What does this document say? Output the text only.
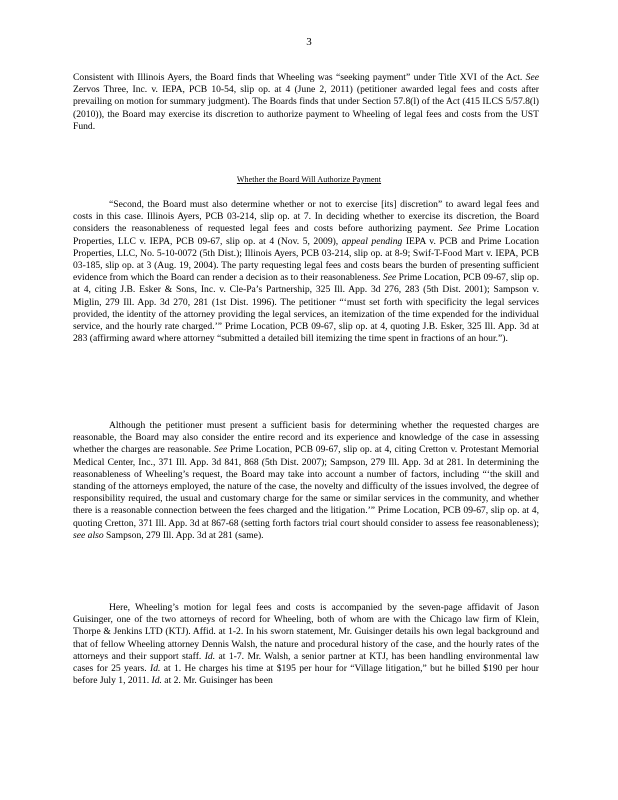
3
Consistent with Illinois Ayers, the Board finds that Wheeling was “seeking payment” under Title XVI of the Act. See Zervos Three, Inc. v. IEPA, PCB 10-54, slip op. at 4 (June 2, 2011) (petitioner awarded legal fees and costs after prevailing on motion for summary judgment). The Boards finds that under Section 57.8(l) of the Act (415 ILCS 5/57.8(l) (2010)), the Board may exercise its discretion to authorize payment to Wheeling of legal fees and costs from the UST Fund.
Whether the Board Will Authorize Payment
“Second, the Board must also determine whether or not to exercise [its] discretion” to award legal fees and costs in this case. Illinois Ayers, PCB 03-214, slip op. at 7. In deciding whether to exercise its discretion, the Board considers the reasonableness of requested legal fees and costs before authorizing payment. See Prime Location Properties, LLC v. IEPA, PCB 09-67, slip op. at 4 (Nov. 5, 2009), appeal pending IEPA v. PCB and Prime Location Properties, LLC, No. 5-10-0072 (5th Dist.); Illinois Ayers, PCB 03-214, slip op. at 8-9; Swif-T-Food Mart v. IEPA, PCB 03-185, slip op. at 3 (Aug. 19, 2004). The party requesting legal fees and costs bears the burden of presenting sufficient evidence from which the Board can render a decision as to their reasonableness. See Prime Location, PCB 09-67, slip op. at 4, citing J.B. Esker & Sons, Inc. v. Cle-Pa’s Partnership, 325 Ill. App. 3d 276, 283 (5th Dist. 2001); Sampson v. Miglin, 279 Ill. App. 3d 270, 281 (1st Dist. 1996). The petitioner “‘must set forth with specificity the legal services provided, the identity of the attorney providing the legal services, an itemization of the time expended for the individual service, and the hourly rate charged.’” Prime Location, PCB 09-67, slip op. at 4, quoting J.B. Esker, 325 Ill. App. 3d at 283 (affirming award where attorney “submitted a detailed bill itemizing the time spent in fractions of an hour.”).
Although the petitioner must present a sufficient basis for determining whether the requested charges are reasonable, the Board may also consider the entire record and its experience and knowledge of the case in assessing whether the charges are reasonable. See Prime Location, PCB 09-67, slip op. at 4, citing Cretton v. Protestant Memorial Medical Center, Inc., 371 Ill. App. 3d 841, 868 (5th Dist. 2007); Sampson, 279 Ill. App. 3d at 281. In determining the reasonableness of Wheeling’s request, the Board may take into account a number of factors, including “‘the skill and standing of the attorneys employed, the nature of the case, the novelty and difficulty of the issues involved, the degree of responsibility required, the usual and customary charge for the same or similar services in the community, and whether there is a reasonable connection between the fees charged and the litigation.’” Prime Location, PCB 09-67, slip op. at 4, quoting Cretton, 371 Ill. App. 3d at 867-68 (setting forth factors trial court should consider to assess fee reasonableness); see also Sampson, 279 Ill. App. 3d at 281 (same).
Here, Wheeling’s motion for legal fees and costs is accompanied by the seven-page affidavit of Jason Guisinger, one of the two attorneys of record for Wheeling, both of whom are with the Chicago law firm of Klein, Thorpe & Jenkins LTD (KTJ). Affid. at 1-2. In his sworn statement, Mr. Guisinger details his own legal background and that of fellow Wheeling attorney Dennis Walsh, the nature and procedural history of the case, and the hourly rates of the attorneys and their support staff. Id. at 1-7. Mr. Walsh, a senior partner at KTJ, has been handling environmental law cases for 25 years. Id. at 1. He charges his time at $195 per hour for “Village litigation,” but he billed $190 per hour before July 1, 2011. Id. at 2. Mr. Guisinger has been
